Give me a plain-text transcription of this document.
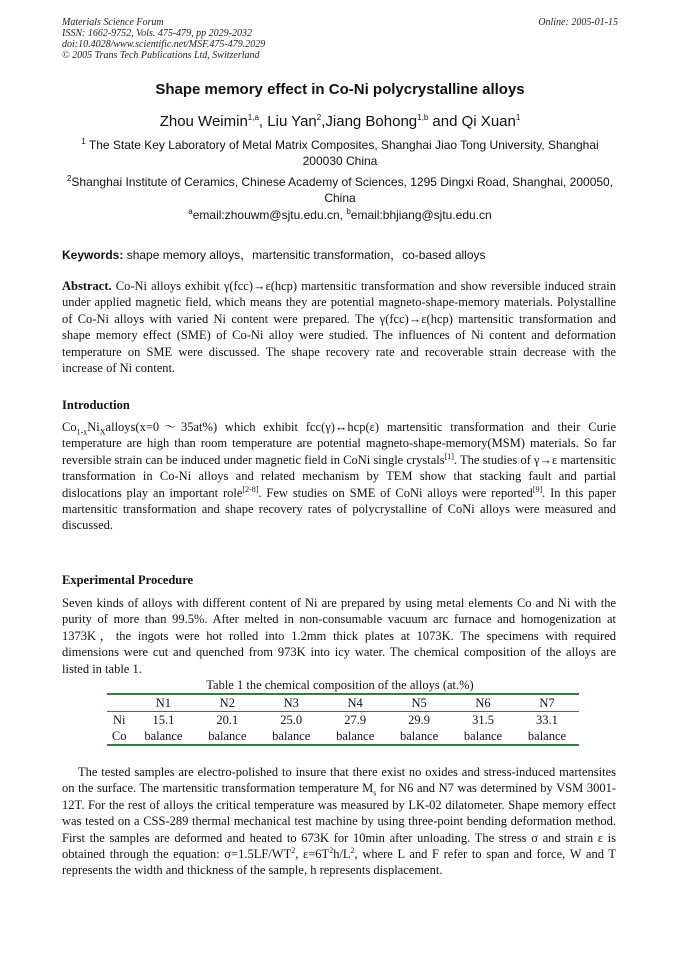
Materials Science Forum
ISSN: 1662-9752, Vols. 475-479, pp 2029-2032
doi:10.4028/www.scientific.net/MSF.475-479.2029
© 2005 Trans Tech Publications Ltd, Switzerland
Online: 2005-01-15
Shape memory effect in Co-Ni polycrystalline alloys
Zhou Weimin$^{1,a}$, Liu Yan$^2$,Jiang Bohong$^{1,b}$ and Qi Xuan$^1$
$^1$ The State Key Laboratory of Metal Matrix Composites, Shanghai Jiao Tong University, Shanghai 200030 China
$^2$Shanghai Institute of Ceramics, Chinese Academy of Sciences, 1295 Dingxi Road, Shanghai, 200050, China
$^a$email:zhouwm@sjtu.edu.cn, $^b$email:bhjiang@sjtu.edu.cn
Keywords: shape memory alloys，martensitic transformation，co-based alloys
Abstract. Co-Ni alloys exhibit γ(fcc)→ε(hcp) martensitic transformation and show reversible induced strain under applied magnetic field, which means they are potential magneto-shape-memory materials. Polystalline of Co-Ni alloys with varied Ni content were prepared. The γ(fcc)→ε(hcp) martensitic transformation and shape memory effect (SME) of Co-Ni alloy were studied. The influences of Ni content and deformation temperature on SME were discussed. The shape recovery rate and recoverable strain decrease with the increase of Ni content.
Introduction
$Co_{1-x}Ni_Xalloys(x=0\sim 35at\%)$ which exhibit fcc(γ)↔hcp(ε) martensitic transformation and their Curie temperature are high than room temperature are potential magneto-shape-memory(MSM) materials. So far reversible strain can be induced under magnetic field in CoNi single crystals[1]. The studies of γ→ε martensitic transformation in Co-Ni alloys and related mechanism by TEM show that stacking fault and partial dislocations play an important role[2-8]. Few studies on SME of CoNi alloys were reported[9]. In this paper martensitic transformation and shape recovery rates of polycrystalline of CoNi alloys were measured and discussed.
Experimental Procedure
Seven kinds of alloys with different content of Ni are prepared by using metal elements Co and Ni with the purity of more than 99.5%. After melted in non-consumable vacuum arc furnace and homogenization at 1373K，the ingots were hot rolled into 1.2mm thick plates at 1073K. The specimens with required dimensions were cut and quenched from 973K into icy water. The chemical composition of the alloys are listed in table 1.
Table 1 the chemical composition of the alloys (at.%)
	N1	N2	N3	N4	N5	N6	N7
Ni	15.1	20.1	25.0	27.9	29.9	31.5	33.1
Co	balance	balance	balance	balance	balance	balance	balance
The tested samples are electro-polished to insure that there exist no oxides and stress-induced martensites on the surface. The martensitic transformation temperature $M_s$ for N6 and N7 was determined by VSM 3001-12T. For the rest of alloys the critical temperature was measured by LK-02 dilatometer. Shape memory effect was tested on a CSS-289 thermal mechanical test machine by using three-point bending deformation method. First the samples are deformed and heated to 673K for 10min after unloading. The stress σ and strain ε is obtained through the equation: $\sigma=1.5LF/WT^2$, $\varepsilon=6T^2h/L^2$, where L and F refer to span and force, W and T represents the width and thickness of the sample, h represents displacement.
